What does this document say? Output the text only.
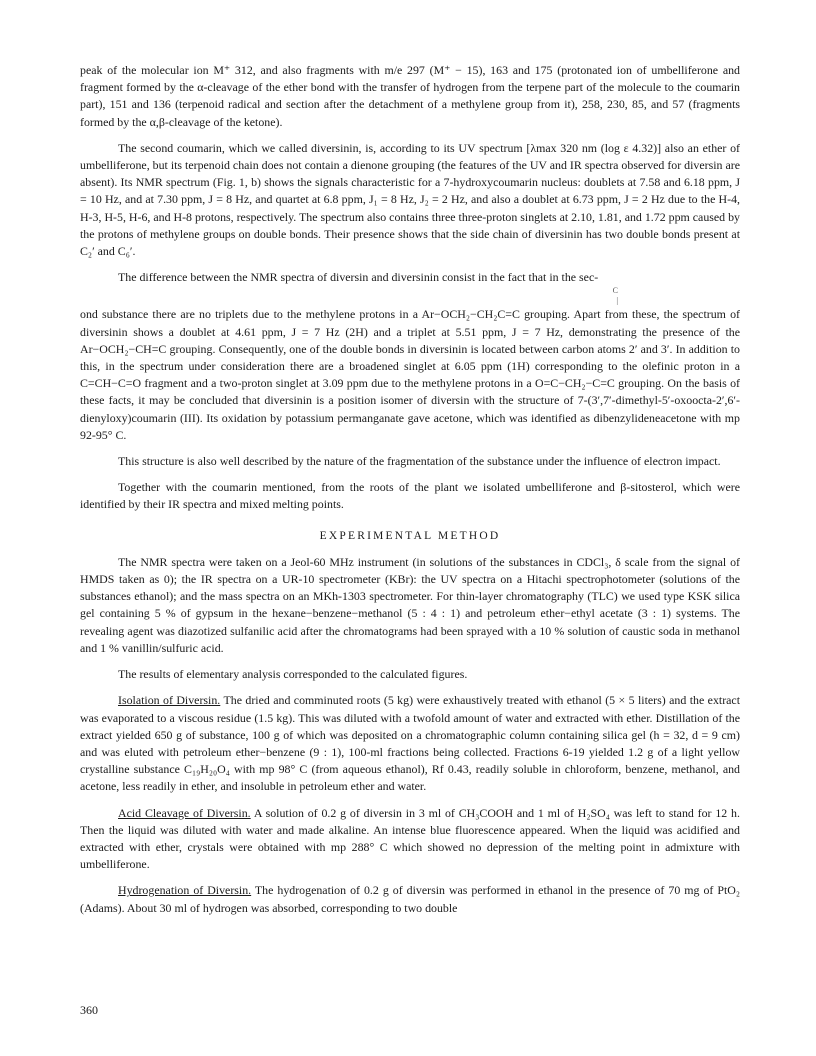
peak of the molecular ion M⁺ 312, and also fragments with m/e 297 (M⁺ − 15), 163 and 175 (protonated ion of umbelliferone and fragment formed by the α-cleavage of the ether bond with the transfer of hydrogen from the terpene part of the molecule to the coumarin part), 151 and 136 (terpenoid radical and section after the detachment of a methylene group from it), 258, 230, 85, and 57 (fragments formed by the α,β-cleavage of the ketone).

The second coumarin, which we called diversinin, is, according to its UV spectrum [λmax 320 nm (log ε 4.32)] also an ether of umbelliferone, but its terpenoid chain does not contain a dienone grouping (the features of the UV and IR spectra observed for diversin are absent). Its NMR spectrum (Fig. 1, b) shows the signals characteristic for a 7-hydroxycoumarin nucleus: doublets at 7.58 and 6.18 ppm, J = 10 Hz, and at 7.30 ppm, J = 8 Hz, and quartet at 6.8 ppm, J₁ = 8 Hz, J₂ = 2 Hz, and also a doublet at 6.73 ppm, J = 2 Hz due to the H-4, H-3, H-5, H-6, and H-8 protons, respectively. The spectrum also contains three three-proton singlets at 2.10, 1.81, and 1.72 ppm caused by the protons of methylene groups on double bonds. Their presence shows that the side chain of diversinin has two double bonds present at C₂′ and C₆′.

The difference between the NMR spectra of diversin and diversinin consist in the fact that in the sec-

C
|

ond substance there are no triplets due to the methylene protons in a Ar−OCH₂−CH₂C=C grouping. Apart from these, the spectrum of diversinin shows a doublet at 4.61 ppm, J = 7 Hz (2H) and a triplet at 5.51 ppm, J = 7 Hz, demonstrating the presence of the Ar−OCH₂−CH=C grouping. Consequently, one of the double bonds in diversinin is located between carbon atoms 2′ and 3′. In addition to this, in the spectrum under consideration there are a broadened singlet at 6.05 ppm (1H) corresponding to the olefinic proton in a C=CH−C=O fragment and a two-proton singlet at 3.09 ppm due to the methylene protons in a O=C−CH₂−C=C grouping. On the basis of these facts, it may be concluded that diversinin is a position isomer of diversin with the structure of 7-(3′,7′-dimethyl-5′-oxoocta-2′,6′-dienyloxy)coumarin (III). Its oxidation by potassium permanganate gave acetone, which was identified as dibenzylideneacetone with mp 92-95° C.

This structure is also well described by the nature of the fragmentation of the substance under the influence of electron impact.

Together with the coumarin mentioned, from the roots of the plant we isolated umbelliferone and β-sitosterol, which were identified by their IR spectra and mixed melting points.

EXPERIMENTAL METHOD

The NMR spectra were taken on a Jeol-60 MHz instrument (in solutions of the substances in CDCl₃, δ scale from the signal of HMDS taken as 0); the IR spectra on a UR-10 spectrometer (KBr): the UV spectra on a Hitachi spectrophotometer (solutions of the substances ethanol); and the mass spectra on an MKh-1303 spectrometer. For thin-layer chromatography (TLC) we used type KSK silica gel containing 5 % of gypsum in the hexane−benzene−methanol (5 : 4 : 1) and petroleum ether−ethyl acetate (3 : 1) systems. The revealing agent was diazotized sulfanilic acid after the chromatograms had been sprayed with a 10 % solution of caustic soda in methanol and 1 % vanillin/sulfuric acid.

The results of elementary analysis corresponded to the calculated figures.

Isolation of Diversin. The dried and comminuted roots (5 kg) were exhaustively treated with ethanol (5 × 5 liters) and the extract was evaporated to a viscous residue (1.5 kg). This was diluted with a twofold amount of water and extracted with ether. Distillation of the extract yielded 650 g of substance, 100 g of which was deposited on a chromatographic column containing silica gel (h = 32, d = 9 cm) and was eluted with petroleum ether−benzene (9 : 1), 100-ml fractions being collected. Fractions 6-19 yielded 1.2 g of a light yellow crystalline substance C₁₉H₂₀O₄ with mp 98° C (from aqueous ethanol), Rf 0.43, readily soluble in chloroform, benzene, methanol, and acetone, less readily in ether, and insoluble in petroleum ether and water.

Acid Cleavage of Diversin. A solution of 0.2 g of diversin in 3 ml of CH₃COOH and 1 ml of H₂SO₄ was left to stand for 12 h. Then the liquid was diluted with water and made alkaline. An intense blue fluorescence appeared. When the liquid was acidified and extracted with ether, crystals were obtained with mp 288° C which showed no depression of the melting point in admixture with umbelliferone.

Hydrogenation of Diversin. The hydrogenation of 0.2 g of diversin was performed in ethanol in the presence of 70 mg of PtO₂ (Adams). About 30 ml of hydrogen was absorbed, corresponding to two double

360
